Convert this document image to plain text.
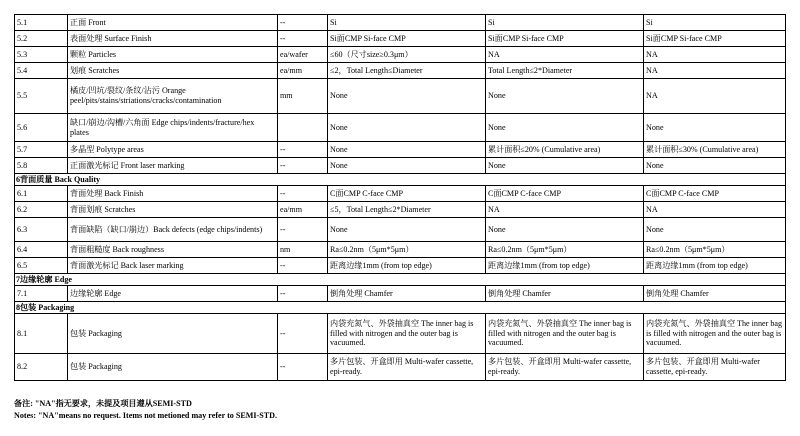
5.1	正面 Front	--	Si	Si	Si
5.2	表面处理 Surface Finish	--	Si面CMP Si-face CMP	Si面CMP Si-face CMP	Si面CMP Si-face CMP
5.3	颗粒 Particles	ea/wafer	≤60（尺寸size≥0.3μm）	NA	NA
5.4	划痕 Scratches	ea/mm	≤2，Total Length≤Diameter	Total Length≤2*Diameter	NA
5.5	橘皮/凹坑/裂纹/条纹/沾污 Orange peel/pits/stains/striations/cracks/contamination	mm	None	None	NA
5.6	缺口/崩边/沟槽/六角面 Edge chips/indents/fracture/hex plates		None	None	None
5.7	多晶型 Polytype areas	--	None	累计面积≤20% (Cumulative area)	累计面积≤30% (Cumulative area)
5.8	正面激光标记 Front laser marking	--	None	None	None
6背面质量 Back Quality					
6.1	背面处理 Back Finish	--	C面CMP C-face CMP	C面CMP C-face CMP	C面CMP C-face CMP
6.2	背面划痕 Scratches	ea/mm	≤5，Total Length≤2*Diameter	NA	NA
6.3	背面缺陷（缺口/崩边）Back defects (edge chips/indents)	--	None	None	None
6.4	背面粗糙度 Back roughness	nm	Ra≤0.2nm（5μm*5μm）	Ra≤0.2nm（5μm*5μm）	Ra≤0.2nm（5μm*5μm）
6.5	背面激光标记 Back laser marking	--	距离边缘1mm (from top edge)	距离边缘1mm (from top edge)	距离边缘1mm (from top edge)
7边缘轮廓 Edge					
7.1	边缘轮廓 Edge	--	倒角处理 Chamfer	倒角处理 Chamfer	倒角处理 Chamfer
8包装 Packaging					
8.1	包装 Packaging	--	内袋充氮气、外袋抽真空 The inner bag is filled with nitrogen and the outer bag is vacuumed.	内袋充氮气、外袋抽真空 The inner bag is filled with nitrogen and the outer bag is vacuumed.	内袋充氮气、外袋抽真空 The inner bag is filled with nitrogen and the outer bag is vacuumed.
8.2	包装 Packaging	--	多片包装、开盒即用 Multi-wafer cassette, epi-ready.	多片包装、开盒即用 Multi-wafer cassette, epi-ready.	多片包装、开盒即用 Multi-wafer cassette, epi-ready.
备注: "NA"指无要求，未提及项目遵从SEMI-STD
Notes: "NA"means no request. Items not metioned may refer to SEMI-STD.
